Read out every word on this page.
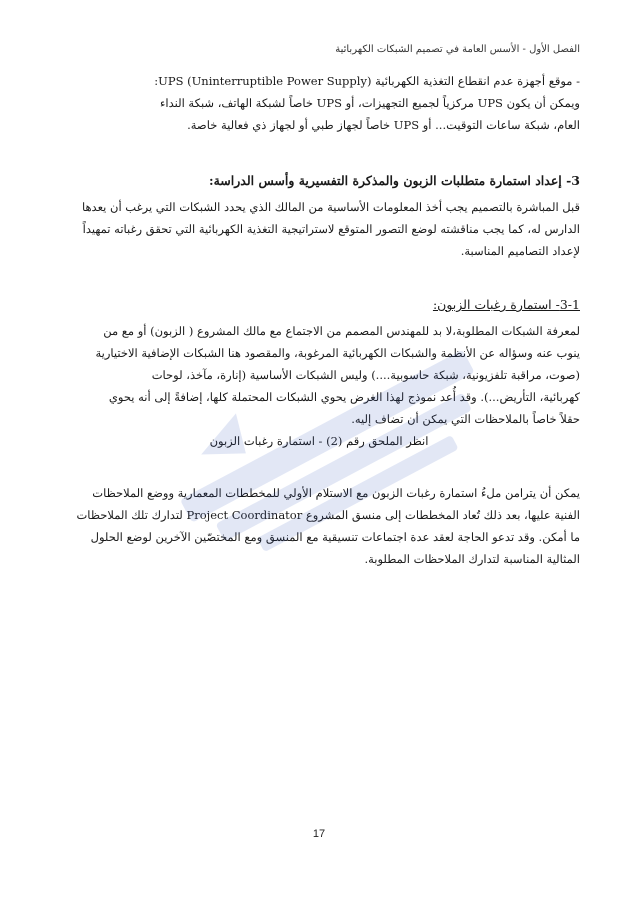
الفصل الأول - الأسس العامة في تصميم الشبكات الكهربائية
- موقع أجهزة عدم انقطاع التغذية الكهربائية UPS (Uninterruptible Power Supply):
ويمكن أن يكون UPS مركزياً لجميع التجهيزات، أو UPS خاصاً لشبكة الهاتف، شبكة النداء
العام، شبكة ساعات التوقيت... أو UPS خاصاً لجهاز طبي أو لجهاز ذي فعالية خاصة.
3- إعداد استمارة متطلبات الزبون والمذكرة التفسيرية وأسس الدراسة:
قبل المباشرة بالتصميم يجب أخذ المعلومات الأساسية من المالك الذي يحدد الشبكات التي يرغب أن يعدها
الدارس له، كما يجب مناقشته لوضع التصور المتوقع لاستراتيجية التغذية الكهربائية التي تحقق رغباته تمهيداً
لإعداد التصاميم المناسبة.
3-1- استمارة رغبات الزبون:
لمعرفة الشبكات المطلوبة،لا بد للمهندس المصمم من الاجتماع مع مالك المشروع ( الزبون) أو مع من
ينوب عنه وسؤاله عن الأنظمة والشبكات الكهربائية المرغوبة، والمقصود هنا الشبكات الإضافية الاختيارية
(صوت، مراقبة تلفزيونية، شبكة حاسوبية....) وليس الشبكات الأساسية (إنارة، مآخذ، لوحات
كهربائية، التأريض...). وقد أُعد نموذج لهذا الغرض يحوي الشبكات المحتملة كلها، إضافةً إلى أنه يحوي
حقلاً خاصاً بالملاحظات التي يمكن أن تضاف إليه.
انظر الملحق رقم (2) - استمارة رغبات الزبون
يمكن أن يترامن ملءُ استمارة رغبات الزبون مع الاستلام الأولي للمخططات المعمارية ووضع الملاحظات
الفنية عليها، بعد ذلك تُعاد المخططات إلى منسق المشروع Project Coordinator لتدارك تلك الملاحظات
ما أمكن. وقد تدعو الحاجة لعقد عدة اجتماعات تنسيقية مع المنسق ومع المختصّين الآخرين لوضع الحلول
المثالية المناسبة لتدارك الملاحظات المطلوبة.
17
